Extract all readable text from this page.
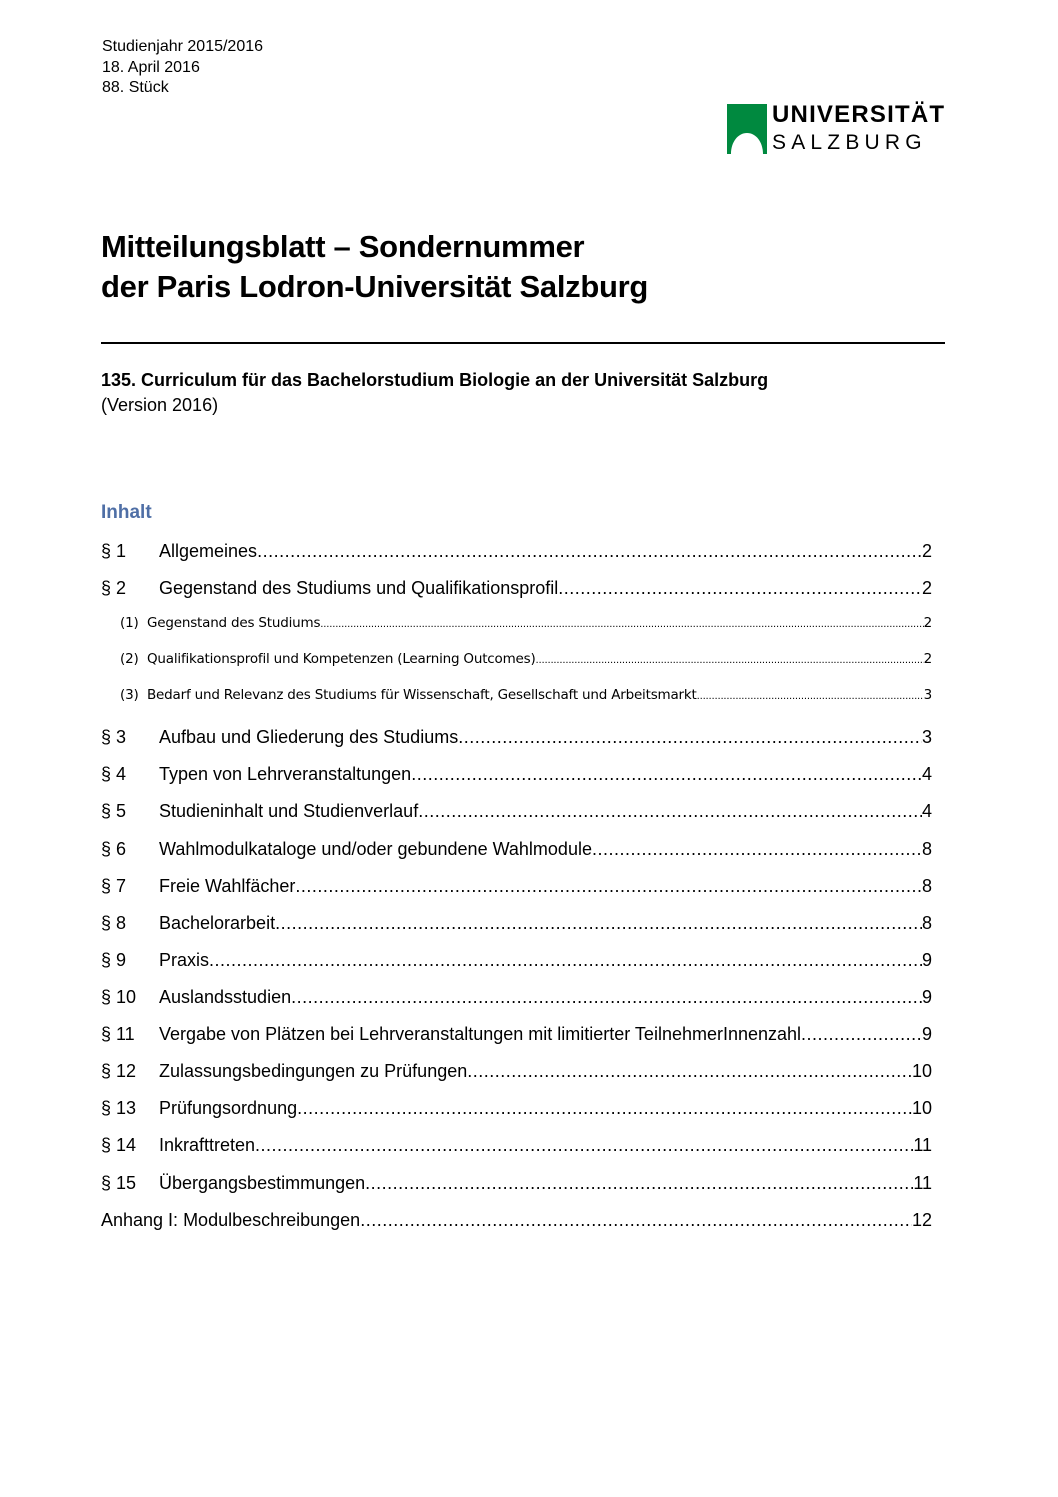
Studienjahr 2015/2016
18. April 2016
88. Stück
UNIVERSITÄT
SALZBURG
Mitteilungsblatt – Sondernummer
der Paris Lodron-Universität Salzburg
135. Curriculum für das Bachelorstudium Biologie an der Universität Salzburg
(Version 2016)
Inhalt
§ 1	Allgemeines .....	2
§ 2	Gegenstand des Studiums und Qualifikationsprofil .....	2
(1) Gegenstand des Studiums .....	2
(2) Qualifikationsprofil und Kompetenzen (Learning Outcomes) .....	2
(3) Bedarf und Relevanz des Studiums für Wissenschaft, Gesellschaft und Arbeitsmarkt .....	3
§ 3	Aufbau und Gliederung des Studiums .....	3
§ 4	Typen von Lehrveranstaltungen .....	4
§ 5	Studieninhalt und Studienverlauf .....	4
§ 6	Wahlmodulkataloge und/oder gebundene Wahlmodule .....	8
§ 7	Freie Wahlfächer .....	8
§ 8	Bachelorarbeit .....	8
§ 9	Praxis .....	9
§ 10	Auslandsstudien .....	9
§ 11	Vergabe von Plätzen bei Lehrveranstaltungen mit limitierter TeilnehmerInnenzahl .....	9
§ 12	Zulassungsbedingungen zu Prüfungen .....	10
§ 13	Prüfungsordnung .....	10
§ 14	Inkrafttreten .....	11
§ 15	Übergangsbestimmungen .....	11
Anhang I: Modulbeschreibungen .....	12
